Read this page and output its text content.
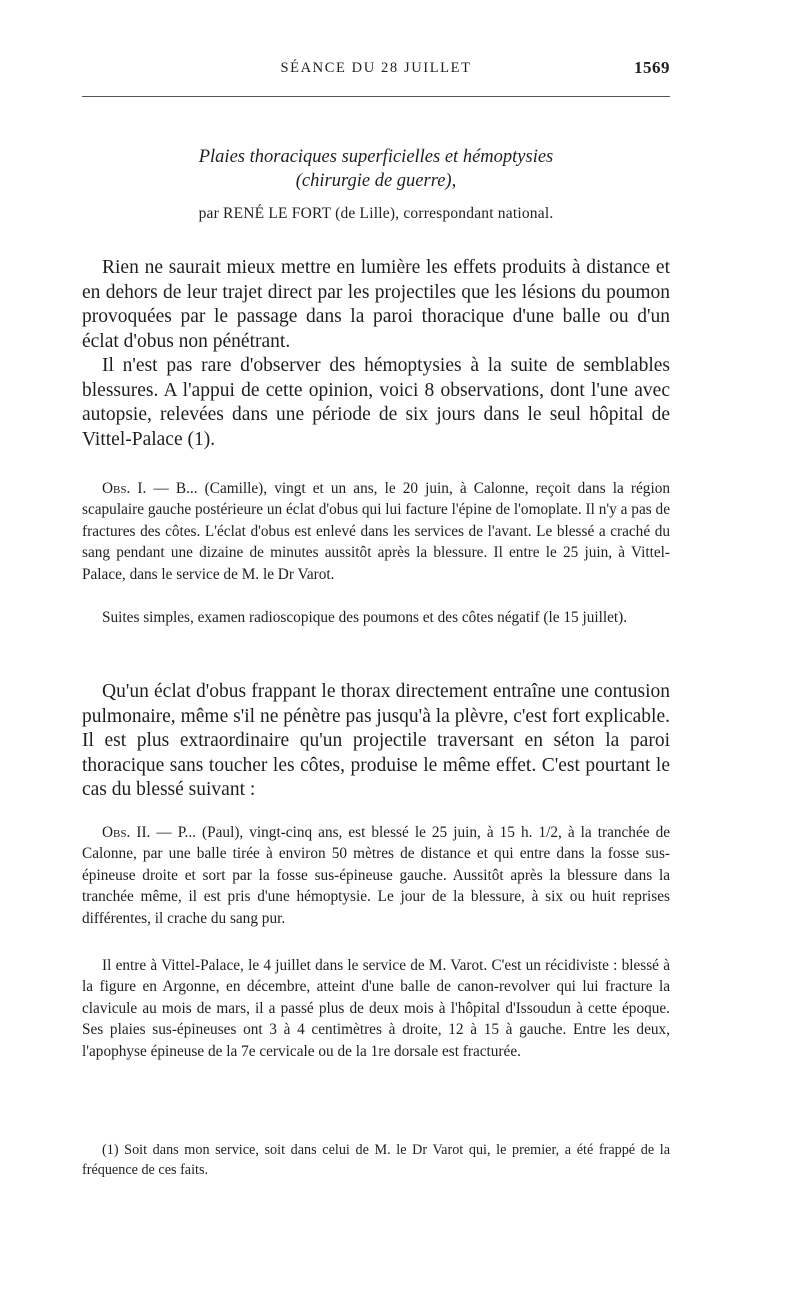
SÉANCE DU 28 JUILLET	1569
Plaies thoraciques superficielles et hémoptysies
(chirurgie de guerre),
par RENÉ LE FORT (de Lille), correspondant national.

Rien ne saurait mieux mettre en lumière les effets produits à distance et en dehors de leur trajet direct par les projectiles que les lésions du poumon provoquées par le passage dans la paroi thoracique d'une balle ou d'un éclat d'obus non pénétrant.

Il n'est pas rare d'observer des hémoptysies à la suite de semblables blessures. A l'appui de cette opinion, voici 8 observations, dont l'une avec autopsie, relevées dans une période de six jours dans le seul hôpital de Vittel-Palace (1).

Obs. I. — B... (Camille), vingt et un ans, le 20 juin, à Calonne, reçoit dans la région scapulaire gauche postérieure un éclat d'obus qui lui facture l'épine de l'omoplate. Il n'y a pas de fractures des côtes. L'éclat d'obus est enlevé dans les services de l'avant. Le blessé a craché du sang pendant une dizaine de minutes aussitôt après la blessure. Il entre le 25 juin, à Vittel-Palace, dans le service de M. le Dr Varot.

Suites simples, examen radioscopique des poumons et des côtes négatif (le 15 juillet).

Qu'un éclat d'obus frappant le thorax directement entraîne une contusion pulmonaire, même s'il ne pénètre pas jusqu'à la plèvre, c'est fort explicable. Il est plus extraordinaire qu'un projectile traversant en séton la paroi thoracique sans toucher les côtes, produise le même effet. C'est pourtant le cas du blessé suivant :

Obs. II. — P... (Paul), vingt-cinq ans, est blessé le 25 juin, à 15 h. 1/2, à la tranchée de Calonne, par une balle tirée à environ 50 mètres de distance et qui entre dans la fosse sus-épineuse droite et sort par la fosse sus-épineuse gauche. Aussitôt après la blessure dans la tranchée même, il est pris d'une hémoptysie. Le jour de la blessure, à six ou huit reprises différentes, il crache du sang pur.

Il entre à Vittel-Palace, le 4 juillet dans le service de M. Varot. C'est un récidiviste : blessé à la figure en Argonne, en décembre, atteint d'une balle de canon-revolver qui lui fracture la clavicule au mois de mars, il a passé plus de deux mois à l'hôpital d'Issoudun à cette époque. Ses plaies sus-épineuses ont 3 à 4 centimètres à droite, 12 à 15 à gauche. Entre les deux, l'apophyse épineuse de la 7e cervicale ou de la 1re dorsale est fracturée.

(1) Soit dans mon service, soit dans celui de M. le Dr Varot qui, le premier, a été frappé de la fréquence de ces faits.
